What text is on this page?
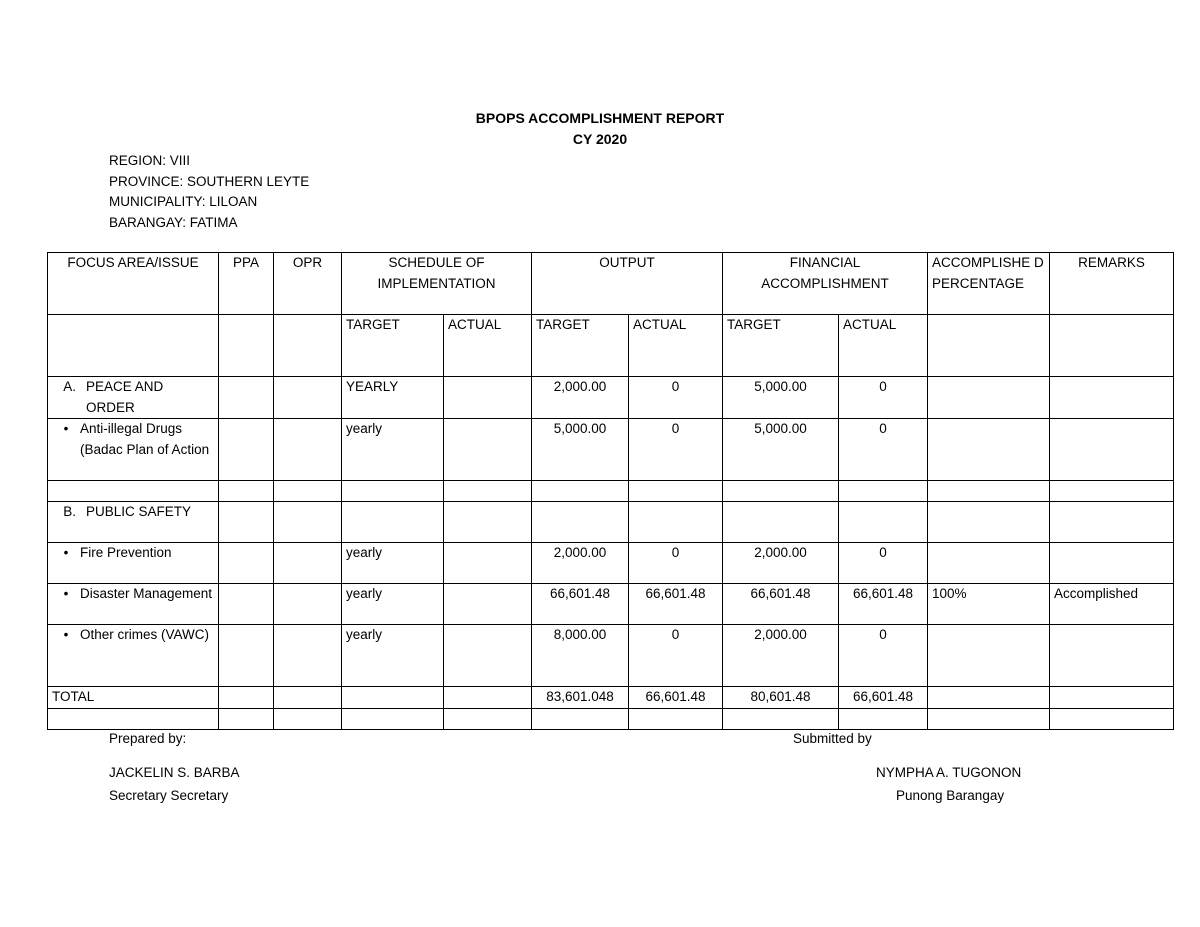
BPOPS ACCOMPLISHMENT REPORT
CY 2020
REGION: VIII
PROVINCE: SOUTHERN LEYTE
MUNICIPALITY: LILOAN
BARANGAY: FATIMA
FOCUS AREA/ISSUE	PPA	OPR	SCHEDULE OF IMPLEMENTATION		OUTPUT		FINANCIAL ACCOMPLISHMENT		ACCOMPLISHE D PERCENTAGE	REMARKS
			TARGET	ACTUAL	TARGET	ACTUAL	TARGET	ACTUAL		

A. PEACE AND ORDER			YEARLY		2,000.00	0	5,000.00	0		

• Anti-illegal Drugs (Badac Plan of Action			yearly		5,000.00	0	5,000.00	0		

B. PUBLIC SAFETY										

• Fire Prevention			yearly		2,000.00	0	2,000.00	0		

• Disaster Management			yearly		66,601.48	66,601.48	66,601.48	66,601.48	100%	Accomplished

• Other crimes (VAWC)			yearly		8,000.00	0	2,000.00	0		
TOTAL					83,601.048	66,601.48	80,601.48	66,601.48		

Prepared by:
JACKELIN S. BARBA
Secretary Secretary
Submitted by
NYMPHA A. TUGONON
Punong Barangay
